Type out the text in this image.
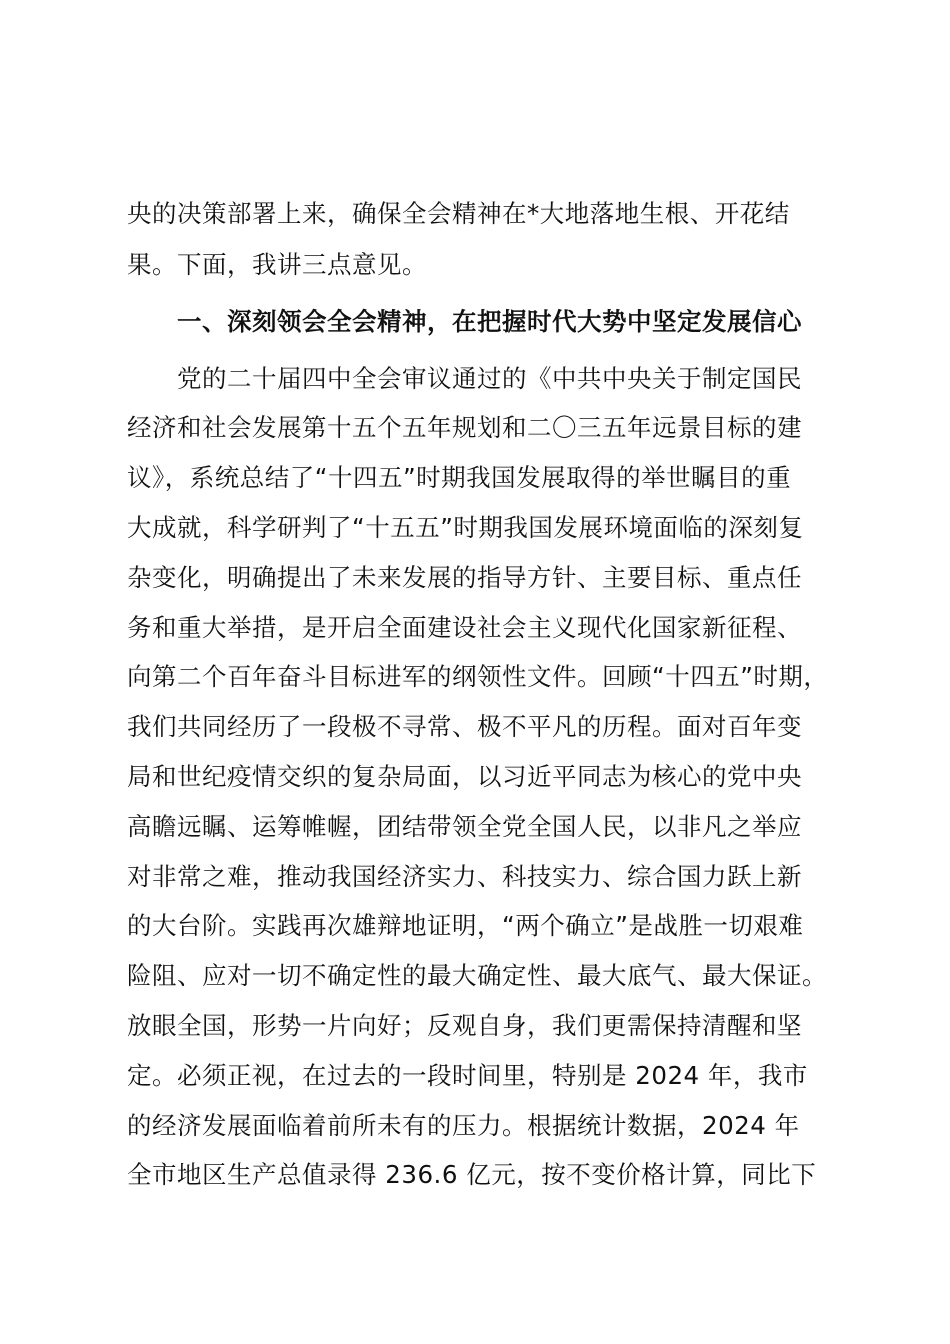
央的决策部署上来，确保全会精神在*大地落地生根、开花结
果。下面，我讲三点意见。
一、深刻领会全会精神，在把握时代大势中坚定发展信心
党的二十届四中全会审议通过的《中共中央关于制定国民
经济和社会发展第十五个五年规划和二〇三五年远景目标的建
议》，系统总结了“十四五”时期我国发展取得的举世瞩目的重
大成就，科学研判了“十五五”时期我国发展环境面临的深刻复
杂变化，明确提出了未来发展的指导方针、主要目标、重点任
务和重大举措，是开启全面建设社会主义现代化国家新征程、
向第二个百年奋斗目标进军的纲领性文件。回顾“十四五”时期，
我们共同经历了一段极不寻常、极不平凡的历程。面对百年变
局和世纪疫情交织的复杂局面，以习近平同志为核心的党中央
高瞻远瞩、运筹帷幄，团结带领全党全国人民，以非凡之举应
对非常之难，推动我国经济实力、科技实力、综合国力跃上新
的大台阶。实践再次雄辩地证明，“两个确立”是战胜一切艰难
险阻、应对一切不确定性的最大确定性、最大底气、最大保证。
放眼全国，形势一片向好；反观自身，我们更需保持清醒和坚
定。必须正视，在过去的一段时间里，特别是 2024 年，我市
的经济发展面临着前所未有的压力。根据统计数据，2024 年
全市地区生产总值录得 236.6 亿元，按不变价格计算，同比下
